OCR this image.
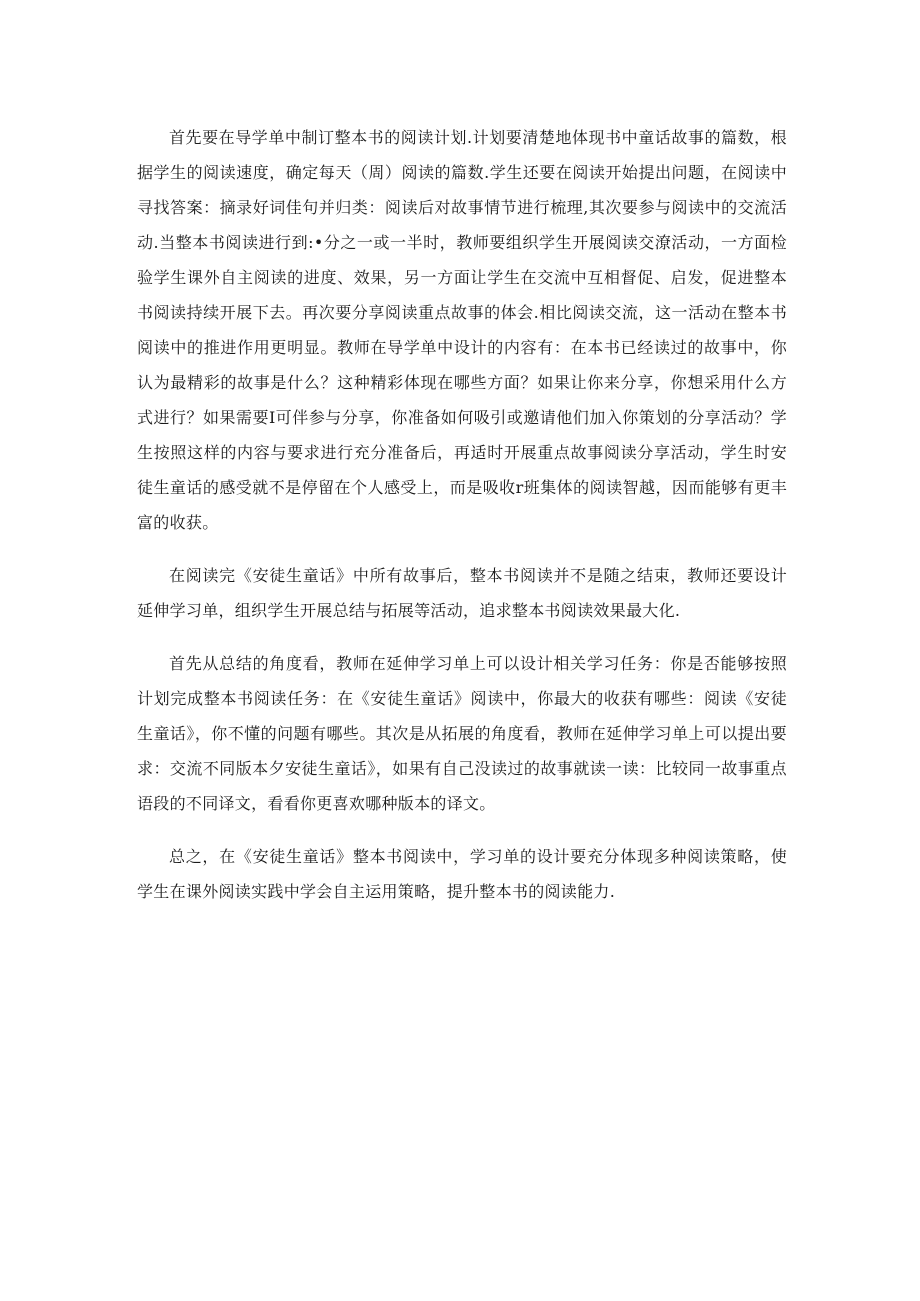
首先要在导学单中制订整本书的阅读计划.计划要清楚地体现书中童话故事的篇数，根据学生的阅读速度，确定每天（周）阅读的篇数.学生还要在阅读开始提出问题，在阅读中寻找答案：摘录好词佳句并归类：阅读后对故事情节进行梳理,其次要参与阅读中的交流活动.当整本书阅读进行到:•分之一或一半时，教师要组织学生开展阅读交潦活动，一方面检验学生课外自主阅读的进度、效果，另一方面让学生在交流中互相督促、启发，促进整本书阅读持续开展下去。再次要分享阅读重点故事的体会.相比阅读交流，这一活动在整本书阅读中的推进作用更明显。教师在导学单中设计的内容有：在本书已经读过的故事中，你认为最精彩的故事是什么？这种精彩体现在哪些方面？如果让你来分享，你想采用什么方式进行？如果需要I可伴参与分享，你准备如何吸引或邀请他们加入你策划的分享活动？学生按照这样的内容与要求进行充分准备后，再适时开展重点故事阅读分享活动，学生时安徒生童话的感受就不是停留在个人感受上，而是吸收r班集体的阅读智越，因而能够有更丰富的收获。

在阅读完《安徒生童话》中所有故事后，整本书阅读并不是随之结束，教师还要设计延伸学习单，组织学生开展总结与拓展等活动，追求整本书阅读效果最大化.

首先从总结的角度看，教师在延伸学习单上可以设计相关学习任务：你是否能够按照计划完成整本书阅读任务：在《安徒生童话》阅读中，你最大的收获有哪些：阅读《安徒生童话》，你不懂的问题有哪些。其次是从拓展的角度看，教师在延伸学习单上可以提出要求：交流不同版本夕安徒生童话》，如果有自己没读过的故事就读一读：比较同一故事重点语段的不同译文，看看你更喜欢哪种版本的译文。

总之，在《安徒生童话》整本书阅读中，学习单的设计要充分体现多种阅读策略，使学生在课外阅读实践中学会自主运用策略，提升整本书的阅读能力.
